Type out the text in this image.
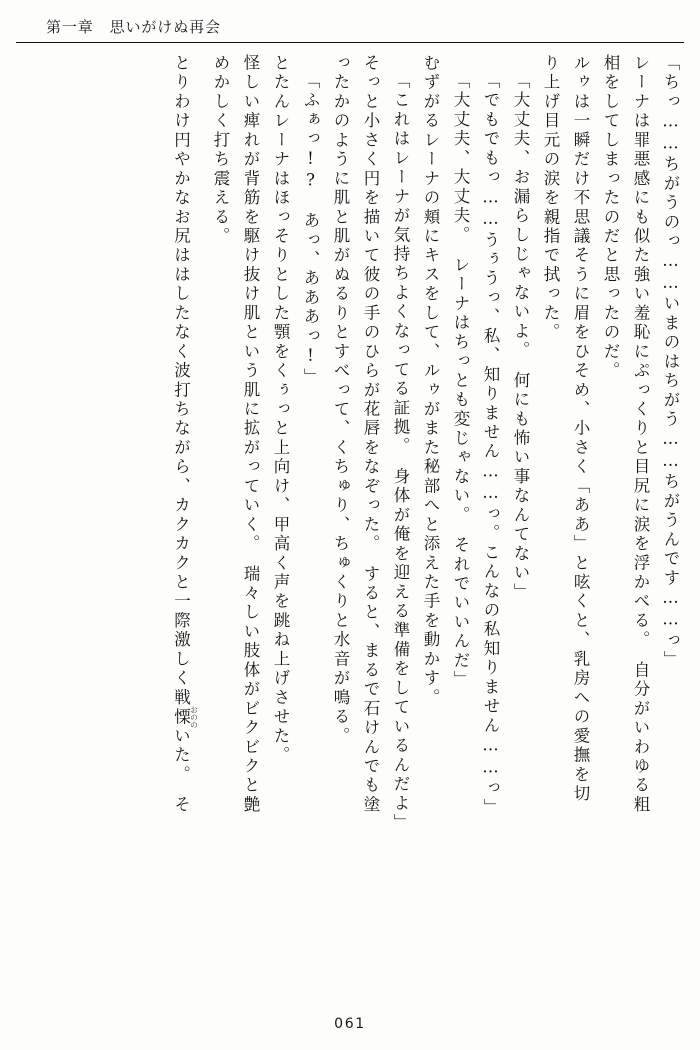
第一章　思いがけぬ再会
「ちっ……ちがうのっ……いまのはちがう……ちがうんです……っ」
レーナは罪悪感にも似た強い羞恥にぷっくりと目尻に涙を浮かべる。　自分がいわゆる粗
相をしてしまったのだと思ったのだ。
ルゥは一瞬だけ不思議そうに眉をひそめ、小さく「ああ」と呟くと、乳房への愛撫を切
り上げ目元の涙を親指で拭った。
「大丈夫、お漏らしじゃないよ。　何にも怖い事なんてない」
「でもでもっ……うぅうっ、私、知りません……っ。こんなの私知りません……っ」
「大丈夫、大丈夫。　レーナはちっとも変じゃない。　それでいいんだ」
むずがるレーナの頬にキスをして、ルゥがまた秘部へと添えた手を動かす。
「これはレーナが気持ちよくなってる証拠。　身体が俺を迎える準備をしているんだよ」
そっと小さく円を描いて彼の手のひらが花唇をなぞった。　すると、まるで石けんでも塗
ったかのように肌と肌がぬるりとすべって、くちゅり、ちゅくりと水音が鳴る。
「ふぁっ!?　あっ、あああっ!」
とたんレーナはほっそりとした顎をくぅっと上向け、甲高く声を跳ね上げさせた。
怪しい痺れが背筋を駆け抜け肌という肌に拡がっていく。　瑞々しい肢体がビクビクと艶
めかしく打ち震える。
とりわけ円やかなお尻ははしたなく波打ちながら、カクカクと一際激しく戦慄 おののいた。　そ
061
